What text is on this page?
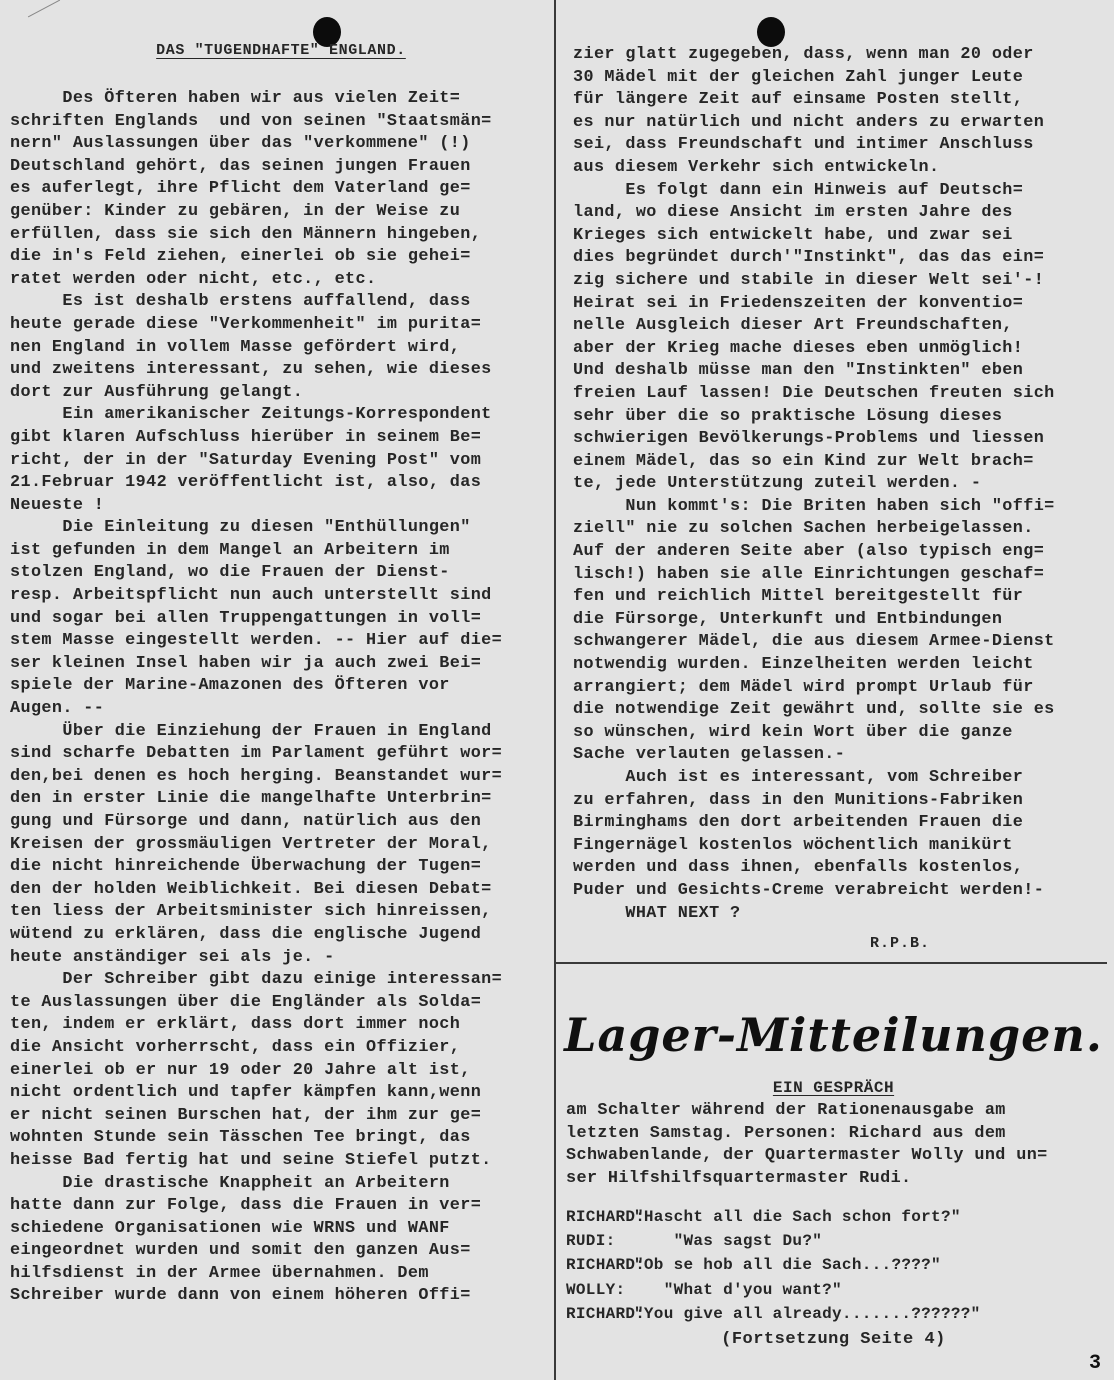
DAS "TUGENDHAFTE" ENGLAND.
Des Öfteren haben wir aus vielen Zeit=
schriften Englands  und von seinen "Staatsmän=
nern" Auslassungen über das "verkommene" (!)
Deutschland gehört, das seinen jungen Frauen
es auferlegt, ihre Pflicht dem Vaterland ge=
genüber: Kinder zu gebären, in der Weise zu
erfüllen, dass sie sich den Männern hingeben,
die in's Feld ziehen, einerlei ob sie gehei=
ratet werden oder nicht, etc., etc.
Es ist deshalb erstens auffallend, dass
heute gerade diese "Verkommenheit" im purita=
nen England in vollem Masse gefördert wird,
und zweitens interessant, zu sehen, wie dieses
dort zur Ausführung gelangt.
Ein amerikanischer Zeitungs-Korrespondent
gibt klaren Aufschluss hierüber in seinem Be=
richt, der in der "Saturday Evening Post" vom
21.Februar 1942 veröffentlicht ist, also, das
Neueste !
Die Einleitung zu diesen "Enthüllungen"
ist gefunden in dem Mangel an Arbeitern im
stolzen England, wo die Frauen der Dienst-
resp. Arbeitspflicht nun auch unterstellt sind
und sogar bei allen Truppengattungen in voll=
stem Masse eingestellt werden. -- Hier auf die=
ser kleinen Insel haben wir ja auch zwei Bei=
spiele der Marine-Amazonen des Öfteren vor
Augen. --
Über die Einziehung der Frauen in England
sind scharfe Debatten im Parlament geführt wor=
den,bei denen es hoch herging. Beanstandet wur=
den in erster Linie die mangelhafte Unterbrin=
gung und Fürsorge und dann, natürlich aus den
Kreisen der grossmäuligen Vertreter der Moral,
die nicht hinreichende Überwachung der Tugen=
den der holden Weiblichkeit. Bei diesen Debat=
ten liess der Arbeitsminister sich hinreissen,
wütend zu erklären, dass die englische Jugend
heute anständiger sei als je. -
Der Schreiber gibt dazu einige interessan=
te Auslassungen über die Engländer als Solda=
ten, indem er erklärt, dass dort immer noch
die Ansicht vorherrscht, dass ein Offizier,
einerlei ob er nur 19 oder 20 Jahre alt ist,
nicht ordentlich und tapfer kämpfen kann,wenn
er nicht seinen Burschen hat, der ihm zur ge=
wohnten Stunde sein Tässchen Tee bringt, das
heisse Bad fertig hat und seine Stiefel putzt.
Die drastische Knappheit an Arbeitern
hatte dann zur Folge, dass die Frauen in ver=
schiedene Organisationen wie WRNS und WANF
eingeordnet wurden und somit den ganzen Aus=
hilfsdienst in der Armee übernahmen. Dem
Schreiber wurde dann von einem höheren Offi=
zier glatt zugegeben, dass, wenn man 20 oder
30 Mädel mit der gleichen Zahl junger Leute
für längere Zeit auf einsame Posten stellt,
es nur natürlich und nicht anders zu erwarten
sei, dass Freundschaft und intimer Anschluss
aus diesem Verkehr sich entwickeln.
Es folgt dann ein Hinweis auf Deutsch=
land, wo diese Ansicht im ersten Jahre des
Krieges sich entwickelt habe, und zwar sei
dies begründet durch'"Instinkt", das das ein=
zig sichere und stabile in dieser Welt sei'-!
Heirat sei in Friedenszeiten der konventio=
nelle Ausgleich dieser Art Freundschaften,
aber der Krieg mache dieses eben unmöglich!
Und deshalb müsse man den "Instinkten" eben
freien Lauf lassen! Die Deutschen freuten sich
sehr über die so praktische Lösung dieses
schwierigen Bevölkerungs-Problems und liessen
einem Mädel, das so ein Kind zur Welt brach=
te, jede Unterstützung zuteil werden. -
Nun kommt's: Die Briten haben sich "offi=
ziell" nie zu solchen Sachen herbeigelassen.
Auf der anderen Seite aber (also typisch eng=
lisch!) haben sie alle Einrichtungen geschaf=
fen und reichlich Mittel bereitgestellt für
die Fürsorge, Unterkunft und Entbindungen
schwangerer Mädel, die aus diesem Armee-Dienst
notwendig wurden. Einzelheiten werden leicht
arrangiert; dem Mädel wird prompt Urlaub für
die notwendige Zeit gewährt und, sollte sie es
so wünschen, wird kein Wort über die ganze
Sache verlauten gelassen.-
Auch ist es interessant, vom Schreiber
zu erfahren, dass in den Munitions-Fabriken
Birminghams den dort arbeitenden Frauen die
Fingernägel kostenlos wöchentlich manikürt
werden und dass ihnen, ebenfalls kostenlos,
Puder und Gesichts-Creme verabreicht werden!-
WHAT NEXT ?
R.P.B.
Lager-Mitteilungen.
EIN GESPRÄCH
am Schalter während der Rationenausgabe am
letzten Samstag. Personen: Richard aus dem
Schwabenlande, der Quartermaster Wolly und un=
ser Hilfshilfsquartermaster Rudi.
RICHARD:"Hascht all die Sach schon fort?"
RUDI:    "Was sagst Du?"
RICHARD:"Ob se hob all die Sach...????"
WOLLY:   "What d'you want?"
RICHARD:"You give all already.......??????"
(Fortsetzung Seite 4)
3
